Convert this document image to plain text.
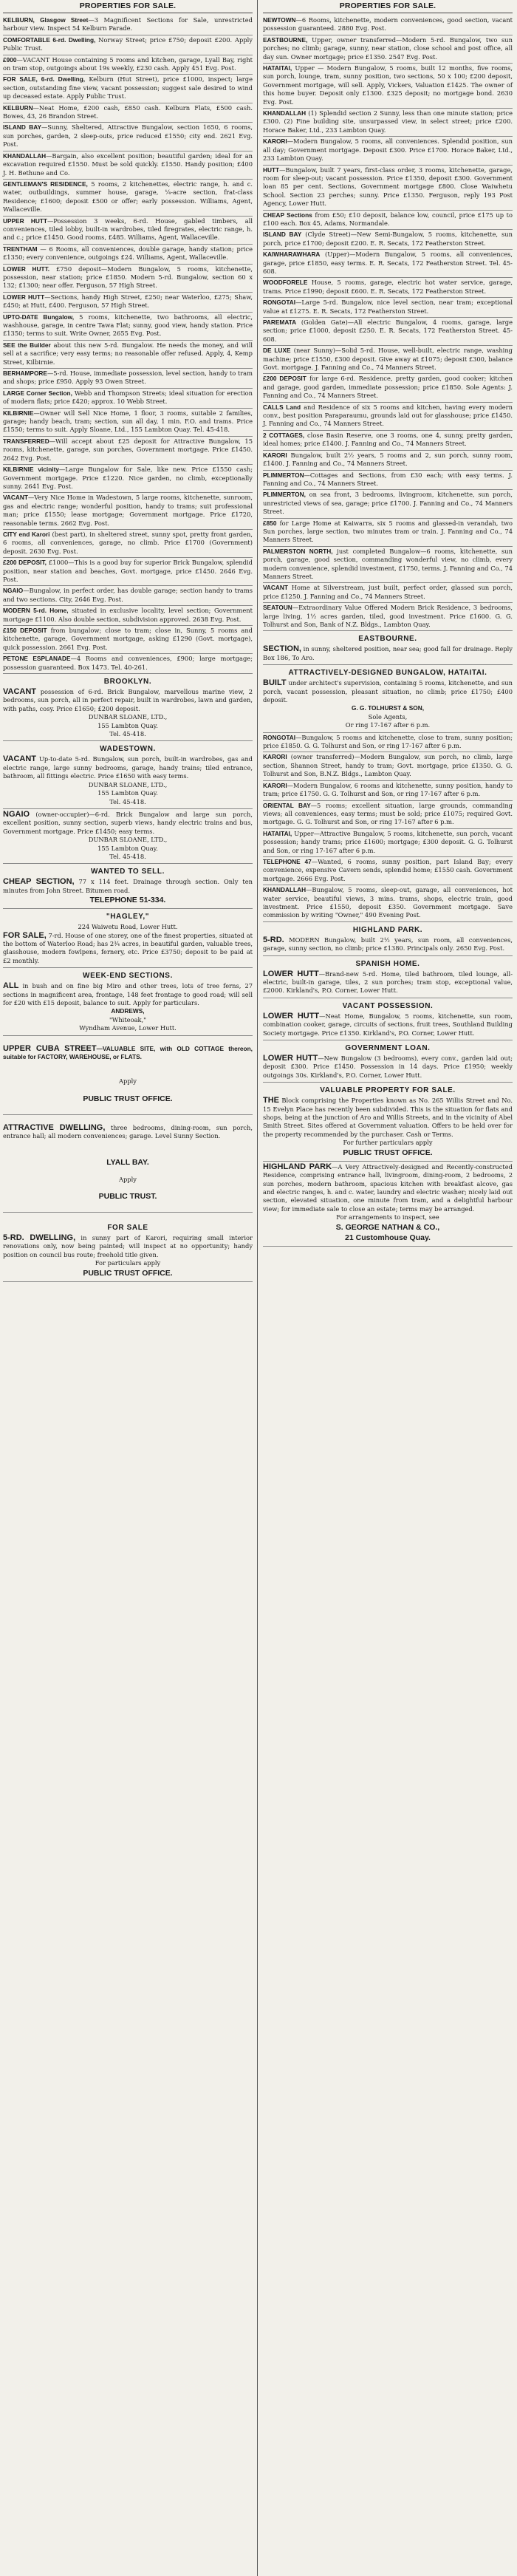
PROPERTIES FOR SALE.

KELBURN, Glasgow Street—3 Magnificent Sections for Sale, unrestricted harbour view. Inspect 54 Kelburn Parade.

COMFORTABLE 6-rd. Dwelling, Norway Street; price £750; deposit £200. Apply Public Trust.

£900—VACANT House containing 5 rooms and kitchen, garage, Lyall Bay, right on tram stop, outgoings about 19s weekly, £230 cash. Apply 451 Evg. Post.

FOR SALE, 6-rd. Dwelling, Kelburn (Hut Street), price £1000, inspect; large section, outstanding fine view, vacant possession; suggest sale desired to wind up deceased estate. Apply Public Trust.

KELBURN—Neat Home, £200 cash, £850 cash. Kelburn Flats, £500 cash. Bowes, 43, 26 Brandon Street.

ISLAND BAY—Sunny, Sheltered, Attractive Bungalow, section 1650, 6 rooms, sun porches, garden, 2 sleep-outs, price reduced £1550; city end. 2621 Evg. Post.

KHANDALLAH—Bargain, also excellent position; beautiful garden; ideal for an excavation required £1550. Must be sold quickly. £1550. Handy position; £400 J. H. Bethune and Co.

GENTLEMAN'S RESIDENCE, 5 rooms, 2 kitchenettes, electric range, h. and c. water, outbuildings, summer house, garage, ¼-acre section, frat-class Residence; £1600; deposit £500 or offer; early possession. Williams, Agent, Wallaceville.

UPPER HUTT—Possession 3 weeks, 6-rd. House, gabled timbers, all conveniences, tiled lobby, built-in wardrobes, tiled firegrates, electric range, h. and c.; price £1450. Good rooms, £485. Williams, Agent, Wallaceville.

TRENTHAM — 6 Rooms, all conveniences, double garage, handy station; price £1350; every convenience, outgoings £24. Williams, Agent, Wallaceville.

LOWER HUTT. £750 deposit—Modern Bungalow, 5 rooms, kitchenette, possession, near station; price £1850. Modern 5-rd. Bungalow, section 60 x 132; £1300; near offer. Ferguson, 57 High Street.

LOWER HUTT—Sections, handy High Street, £250; near Waterloo, £275; Shaw, £450; at Hutt, £400. Ferguson, 57 High Street.

UPTO-DATE Bungalow, 5 rooms, kitchenette, two bathrooms, all electric, washhouse, garage, in centre Tawa Flat; sunny, good view, handy station. Price £1350; terms to suit. Write Owner, 2655 Evg. Post.

SEE the Builder about this new 5-rd. Bungalow. He needs the money, and will sell at a sacrifice; very easy terms; no reasonable offer refused. Apply, 4, Kemp Street, Kilbirnie.

BERHAMPORE—5-rd. House, immediate possession, level section, handy to tram and shops; price £950. Apply 93 Owen Street.

LARGE Corner Section, Webb and Thompson Streets; ideal situation for erection of modern flats; price £420; approx. 10 Webb Street.

KILBIRNIE—Owner will Sell Nice Home, 1 floor, 3 rooms, suitable 2 families, garage; handy beach, tram; section, sun all day, 1 min. F.O. and trams. Price £1550; terms to suit. Apply Sloane, Ltd., 155 Lambton Quay. Tel. 45-418.

TRANSFERRED—Will accept about £25 deposit for Attractive Bungalow, 15 rooms, kitchenette, garage, sun porches, Government mortgage. Price £1450. 2642 Evg. Post.

KILBIRNIE vicinity—Large Bungalow for Sale, like new. Price £1550 cash; Government mortgage. Price £1220. Nice garden, no climb, exceptionally sunny. 2641 Evg. Post.

VACANT—Very Nice Home in Wadestown, 5 large rooms, kitchenette, sunroom, gas and electric range; wonderful position, handy to trams; suit professional man; price £1550; lease mortgage; Government mortgage. Price £1720, reasonable terms. 2662 Evg. Post.

CITY end Karori (best part), in sheltered street, sunny spot, pretty front garden, 6 rooms, all conveniences, garage, no climb. Price £1700 (Government) deposit. 2630 Evg. Post.

£200 DEPOSIT, £1000—This is a good buy for superior Brick Bungalow, splendid position, near station and beaches, Govt. mortgage, price £1450. 2646 Evg. Post.

NGAIO—Bungalow, in perfect order, has double garage; section handy to trams and two sections. City, 2646 Evg. Post.

MODERN 5-rd. Home, situated in exclusive locality, level section; Government mortgage £1100. Also double section, subdivision approved. 2638 Evg. Post.

£150 DEPOSIT from bungalow; close to tram; close in, Sunny, 5 rooms and kitchenette, garage, Government mortgage, asking £1290 (Govt. mortgage), quick possession. 2661 Evg. Post.

PETONE ESPLANADE—4 Rooms and conveniences, £900; large mortgage; possession guaranteed. Box 1473. Tel. 40-261.

BROOKLYN.

VACANT possession of 6-rd. Brick Bungalow, marvellous marine view, 2 bedrooms, sun porch, all in perfect repair, built in wardrobes, lawn and garden, with paths, cosy. Price £1650; £200 deposit.

DUNBAR SLOANE, LTD.,
155 Lambton Quay.
Tel. 45-418.
WADESTOWN.

VACANT Up-to-date 5-rd. Bungalow, sun porch, built-in wardrobes, gas and electric range, large sunny bedrooms, garage, handy trains; tiled entrance, bathroom, all fittings electric. Price £1650 with easy terms.

DUNBAR SLOANE, LTD.,
155 Lambton Quay.
Tel. 45-418.

NGAIO (owner-occupier)—6-rd. Brick Bungalow and large sun porch, excellent position, sunny section, superb views, handy electric trains and bus, Government mortgage. Price £1450; easy terms.

DUNBAR SLOANE, LTD.,
155 Lambton Quay.
Tel. 45-418.
WANTED TO SELL.

CHEAP SECTION, 77 x 114 feet. Drainage through section. Only ten minutes from John Street. Bitumen road.

TELEPHONE 51-334.
"HAGLEY,"
224 Waiwetu Road, Lower Hutt.

FOR SALE, 7-rd. House of one storey, one of the finest properties, situated at the bottom of Waterloo Road; has 2¾ acres, in beautiful garden, valuable trees, glasshouse, modern fowlpens, fernery, etc. Price £3750; deposit to be paid at £2 monthly.

WEEK-END SECTIONS.

ALL in bush and on fine big Miro and other trees, lots of tree ferns, 27 sections in magnificent area, frontage, 148 feet frontage to good road; will sell for £20 with £15 deposit, balance to suit. Apply for particulars.

ANDREWS,
"Whiteoak,"
Wyndham Avenue, Lower Hutt.

UPPER CUBA STREET—VALUABLE SITE, with OLD COTTAGE thereon, suitable for FACTORY, WAREHOUSE, or FLATS.

Apply
PUBLIC TRUST OFFICE.

ATTRACTIVE DWELLING, three bedrooms, dining-room, sun porch, entrance hall; all modern conveniences; garage. Level Sunny Section.

LYALL BAY.
Apply
PUBLIC TRUST.
FOR SALE

5-RD. DWELLING, in sunny part of Karori, requiring small interior renovations only, now being painted; will inspect at no opportunity; handy position on council bus route; freehold title given.

For particulars apply
PUBLIC TRUST OFFICE.
PROPERTIES FOR SALE.

NEWTOWN—6 Rooms, kitchenette, modern conveniences, good section, vacant possession guaranteed. 2880 Evg. Post.

EASTBOURNE, Upper, owner transferred—Modern 5-rd. Bungalow, two sun porches; no climb; garage, sunny, near station, close school and post office, all day sun. Owner mortgage; price £1350. 2547 Evg. Post.

HATAITAI, Upper — Modern Bungalow, 5 rooms, built 12 months, five rooms, sun porch, lounge, tram, sunny position, two sections, 50 x 100; £200 deposit, Government mortgage, will sell. Apply, Vickers, Valuation £1425. The owner of this home buyer. Deposit only £1300. £325 deposit; no mortgage bond. 2630 Evg. Post.

KHANDALLAH (1) Splendid section 2 Sunny, less than one minute station; price £300. (2) Fine building site, unsurpassed view, in select street; price £200. Horace Baker, Ltd., 233 Lambton Quay.

KARORI—Modern Bungalow, 5 rooms, all conveniences. Splendid position, sun all day; Government mortgage. Deposit £300. Price £1700. Horace Baker, Ltd., 233 Lambton Quay.

HUTT—Bungalow, built 7 years, first-class order, 3 rooms, kitchenette, garage, room for sleep-out; vacant possession. Price £1350, deposit £300. Government loan 85 per cent. Sections, Government mortgage £800. Close Waiwhetu School. Section 23 perches; sunny. Price £1350. Ferguson, reply 193 Post Agency, Lower Hutt.

CHEAP Sections from £50; £10 deposit, balance low, council, price £175 up to £100 each. Box 45, Adams, Normandale.

ISLAND BAY (Clyde Street)—New Semi-Bungalow, 5 rooms, kitchenette, sun porch, price £1700; deposit £200. E. R. Secats, 172 Featherston Street.

KAIWHARAWHARA (Upper)—Modern Bungalow, 5 rooms, all conveniences, garage, price £1850, easy terms. E. R. Secats, 172 Featherston Street. Tel. 45-608.

WOODFORELE House, 5 rooms, garage, electric hot water service, garage, trams. Price £1990; deposit £600. E. R. Secats, 172 Featherston Street.

RONGOTAI—Large 5-rd. Bungalow, nice level section, near tram; exceptional value at £1275. E. R. Secats, 172 Featherston Street.

PAREMATA (Golden Gate)—All electric Bungalow, 4 rooms, garage, large section; price £1000, deposit £250. E. R. Secats, 172 Featherston Street. 45-608.

DE LUXE (near Sunny)—Solid 5-rd. House, well-built, electric range, washing machine; price £1550, £300 deposit. Give away at £1075; deposit £300, balance Govt. mortgage. J. Fanning and Co., 74 Manners Street.

£200 DEPOSIT for large 6-rd. Residence, pretty garden, good cooker; kitchen and garage, good garden, immediate possession; price £1850. Sole Agents: J. Fanning and Co., 74 Manners Street.

CALLS Land and Residence of six 5 rooms and kitchen, having every modern conv., best position Paraparaumu, grounds laid out for glasshouse; price £1450. J. Fanning and Co., 74 Manners Street.

2 COTTAGES, close Basin Reserve, one 3 rooms, one 4, sunny, pretty garden, ideal homes; price £1400. J. Fanning and Co., 74 Manners Street.

KARORI Bungalow, built 2½ years, 5 rooms and 2, sun porch, sunny room, £1400. J. Fanning and Co., 74 Manners Street.

PLIMMERTON—Cottages and Sections, from £30 each; with easy terms. J. Fanning and Co., 74 Manners Street.

PLIMMERTON, on sea front, 3 bedrooms, livingroom, kitchenette, sun porch, unrestricted views of sea, garage; price £1700. J. Fanning and Co., 74 Manners Street.

£850 for Large Home at Kaiwarra, six 5 rooms and glassed-in verandah, two Sun porches, large section, two minutes tram or train. J. Fanning and Co., 74 Manners Street.

PALMERSTON NORTH, just completed Bungalow—6 rooms, kitchenette, sun porch, garage, good section, commanding wonderful view, no climb, every modern convenience, splendid investment, £1750, terms. J. Fanning and Co., 74 Manners Street.

VACANT Home at Silverstream, just built, perfect order, glassed sun porch, price £1250. J. Fanning and Co., 74 Manners Street.

SEATOUN—Extraordinary Value Offered Modern Brick Residence, 3 bedrooms, large living, 1½ acres garden, tiled, good investment. Price £1600. G. G. Tolhurst and Son, Bank of N.Z. Bldgs., Lambton Quay.

EASTBOURNE.

SECTION, in sunny, sheltered position, near sea; good fall for drainage. Reply Box 186, To Aro.

ATTRACTIVELY-DESIGNED BUNGALOW, HATAITAI.

BUILT under architect's supervision, containing 5 rooms, kitchenette, and sun porch, vacant possession, pleasant situation, no climb; price £1750; £400 deposit.

G. G. TOLHURST & SON,
Sole Agents,
Or ring 17-167 after 6 p.m.

RONGOTAI—Bungalow, 5 rooms and kitchenette, close to tram, sunny position; price £1850. G. G. Tolhurst and Son, or ring 17-167 after 6 p.m.

KARORI (owner transferred)—Modern Bungalow, sun porch, no climb, large section, Shannon Street, handy to tram; Govt. mortgage, price £1350. G. G. Tolhurst and Son, B.N.Z. Bldgs., Lambton Quay.

KARORI—Modern Bungalow, 6 rooms and kitchenette, sunny position, handy to tram; price £1750. G. G. Tolhurst and Son, or ring 17-167 after 6 p.m.

ORIENTAL BAY—5 rooms; excellent situation, large grounds, commanding views; all conveniences, easy terms; must be sold; price £1075; required Govt. mortgage. G. G. Tolhurst and Son, or ring 17-167 after 6 p.m.

HATAITAI, Upper—Attractive Bungalow, 5 rooms, kitchenette, sun porch, vacant possession; handy trams; price £1600; mortgage; £300 deposit. G. G. Tolhurst and Son, or ring 17-167 after 6 p.m.

TELEPHONE 47—Wanted, 6 rooms, sunny position, part Island Bay; every convenience, expensive Cavern sends, splendid home; £1550 cash. Government mortgage. 2666 Evg. Post.

KHANDALLAH—Bungalow, 5 rooms, sleep-out, garage, all conveniences, hot water service, beautiful views, 3 mins. trams, shops, electric train, good investment. Price £1550, deposit £350. Government mortgage. Save commission by writing "Owner," 490 Evening Post.

HIGHLAND PARK.

5-RD. MODERN Bungalow, built 2½ years, sun room, all conveniences, garage, sunny section, no climb; price £1380. Principals only. 2650 Evg. Post.

SPANISH HOME.

LOWER HUTT—Brand-new 5-rd. Home, tiled bathroom, tiled lounge, all-electric, built-in garage, tiles, 2 sun porches; tram stop, exceptional value, £2000. Kirkland's, P.O. Corner, Lower Hutt.

VACANT POSSESSION.

LOWER HUTT—Neat Home, Bungalow, 5 rooms, kitchenette, sun room, combination cooker, garage, circuits of sections, fruit trees, Southland Building Society mortgage. Price £1350. Kirkland's, P.O. Corner, Lower Hutt.

GOVERNMENT LOAN.

LOWER HUTT—New Bungalow (3 bedrooms), every conv., garden laid out; deposit £300. Price £1450. Possession in 14 days. Price £1950; weekly outgoings 30s. Kirkland's, P.O. Corner, Lower Hutt.

VALUABLE PROPERTY FOR SALE.

THE Block comprising the Properties known as No. 265 Willis Street and No. 15 Evelyn Place has recently been subdivided. This is the situation for flats and shops, being at the junction of Aro and Willis Streets, and in the vicinity of Abel Smith Street. Sites offered at Government valuation. Offers to be held over for the property recommended by the purchaser. Cash or Terms.

For further particulars apply
PUBLIC TRUST OFFICE.

HIGHLAND PARK—A Very Attractively-designed and Recently-constructed Residence, comprising entrance hall, livingroom, dining-room, 2 bedrooms, 2 sun porches, modern bathroom, spacious kitchen with breakfast alcove, gas and electric ranges, h. and c. water, laundry and electric washer; nicely laid out section, elevated situation, one minute from tram, and a delightful harbour view; for immediate sale to close an estate; terms may be arranged.

For arrangements to inspect, see
S. GEORGE NATHAN & CO.,
21 Customhouse Quay.
